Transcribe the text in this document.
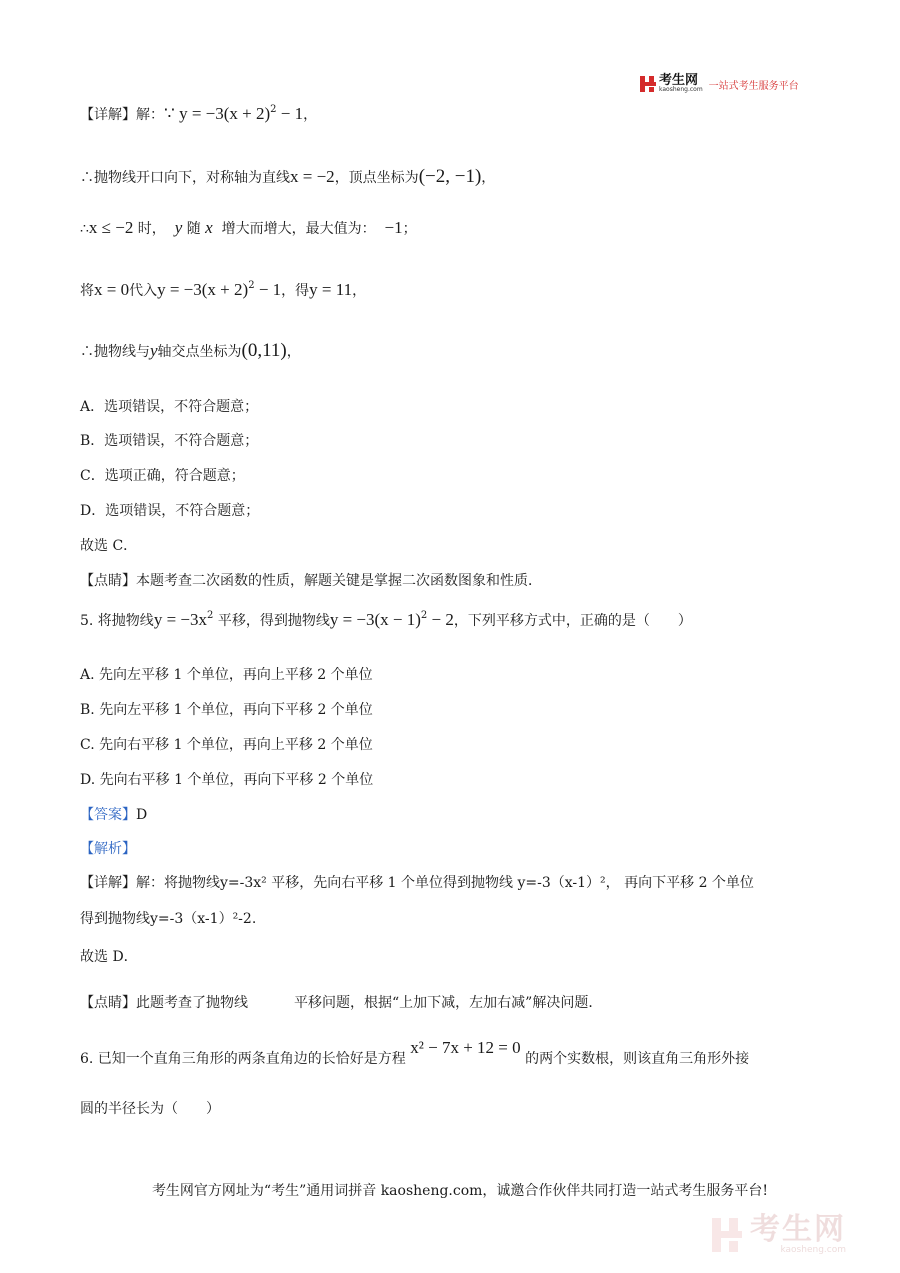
考生网
kaosheng.com 一站式考生服务平台
【详解】解：∵ $y = -3(x + 2)^2 - 1$，
∴抛物线开口向下，对称轴为直线x = −2，顶点坐标为(−2, −1)，
∴x ≤ −2 时， y 随 x 增大而增大，最大值为： −1；
将x = 0代入$y = -3(x + 2)^2 - 1$，得y = 11，
∴抛物线与y轴交点坐标为(0,11)，
A．选项错误，不符合题意；
B．选项错误，不符合题意；
C．选项正确，符合题意；
D．选项错误，不符合题意；
故选 C．
【点睛】本题考查二次函数的性质，解题关键是掌握二次函数图象和性质．
5. 将抛物线$y = -3x^2$ 平移，得到抛物线$y = -3(x - 1)^2 - 2$，下列平移方式中，正确的是（　　）
A. 先向左平移 1 个单位，再向上平移 2 个单位
B. 先向左平移 1 个单位，再向下平移 2 个单位
C. 先向右平移 1 个单位，再向上平移 2 个单位
D. 先向右平移 1 个单位，再向下平移 2 个单位
【答案】D
【解析】
【详解】解：将抛物线y=-3x² 平移，先向右平移 1 个单位得到抛物线 y=-3（x-1）²， 再向下平移 2 个单位
得到抛物线y=-3（x-1）²-2.
故选 D．
【点睛】此题考查了抛物线	平移问题，根据“上加下减，左加右减”解决问题．
6. 已知一个直角三角形的两条直角边的长恰好是方程 x² − 7x + 12 = 0 的两个实数根，则该直角三角形外接
圆的半径长为（　　）
考生网官方网址为“考生”通用词拼音 kaosheng.com，诚邀合作伙伴共同打造一站式考生服务平台!
考生网
kaosheng.com
